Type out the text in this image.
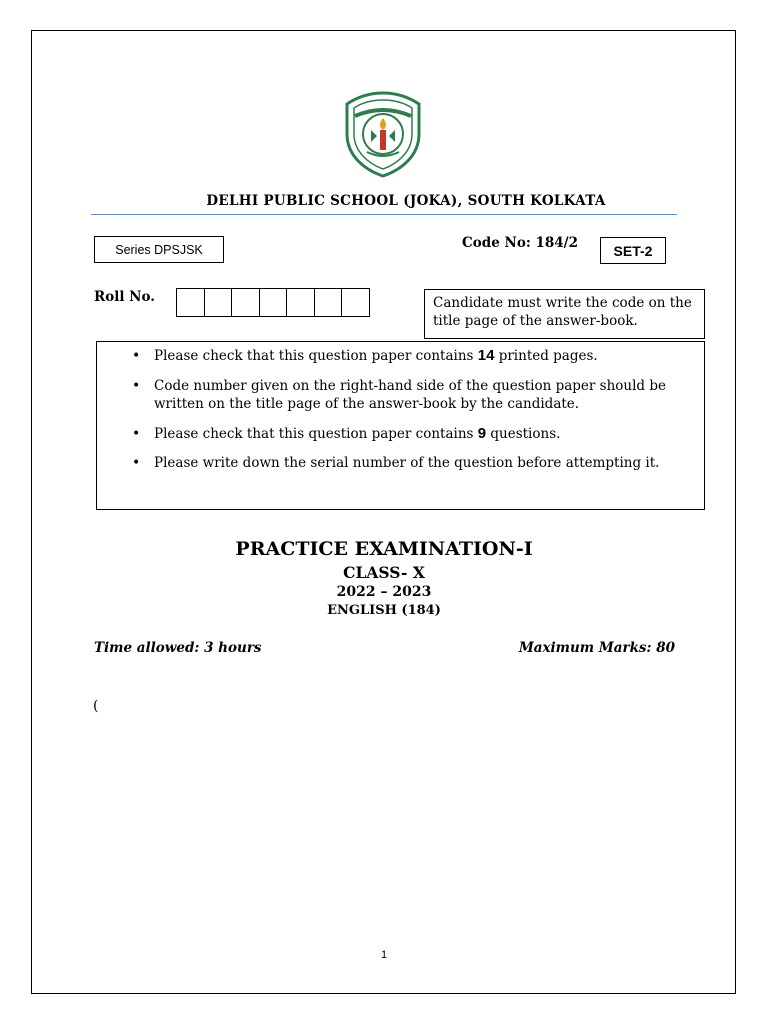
DELHI PUBLIC SCHOOL (JOKA), SOUTH KOLKATA
Series DPSJSK	Code No: 184/2	SET-2
Roll No.	Candidate must write the code on the title page of the answer-book.
• Please check that this question paper contains 14 printed pages.
• Code number given on the right-hand side of the question paper should be written on the title page of the answer-book by the candidate.
• Please check that this question paper contains 9 questions.
• Please write down the serial number of the question before attempting it.
PRACTICE EXAMINATION-I
CLASS- X
2022 – 2023
ENGLISH (184)
Time allowed: 3 hours	Maximum Marks: 80
(
1
